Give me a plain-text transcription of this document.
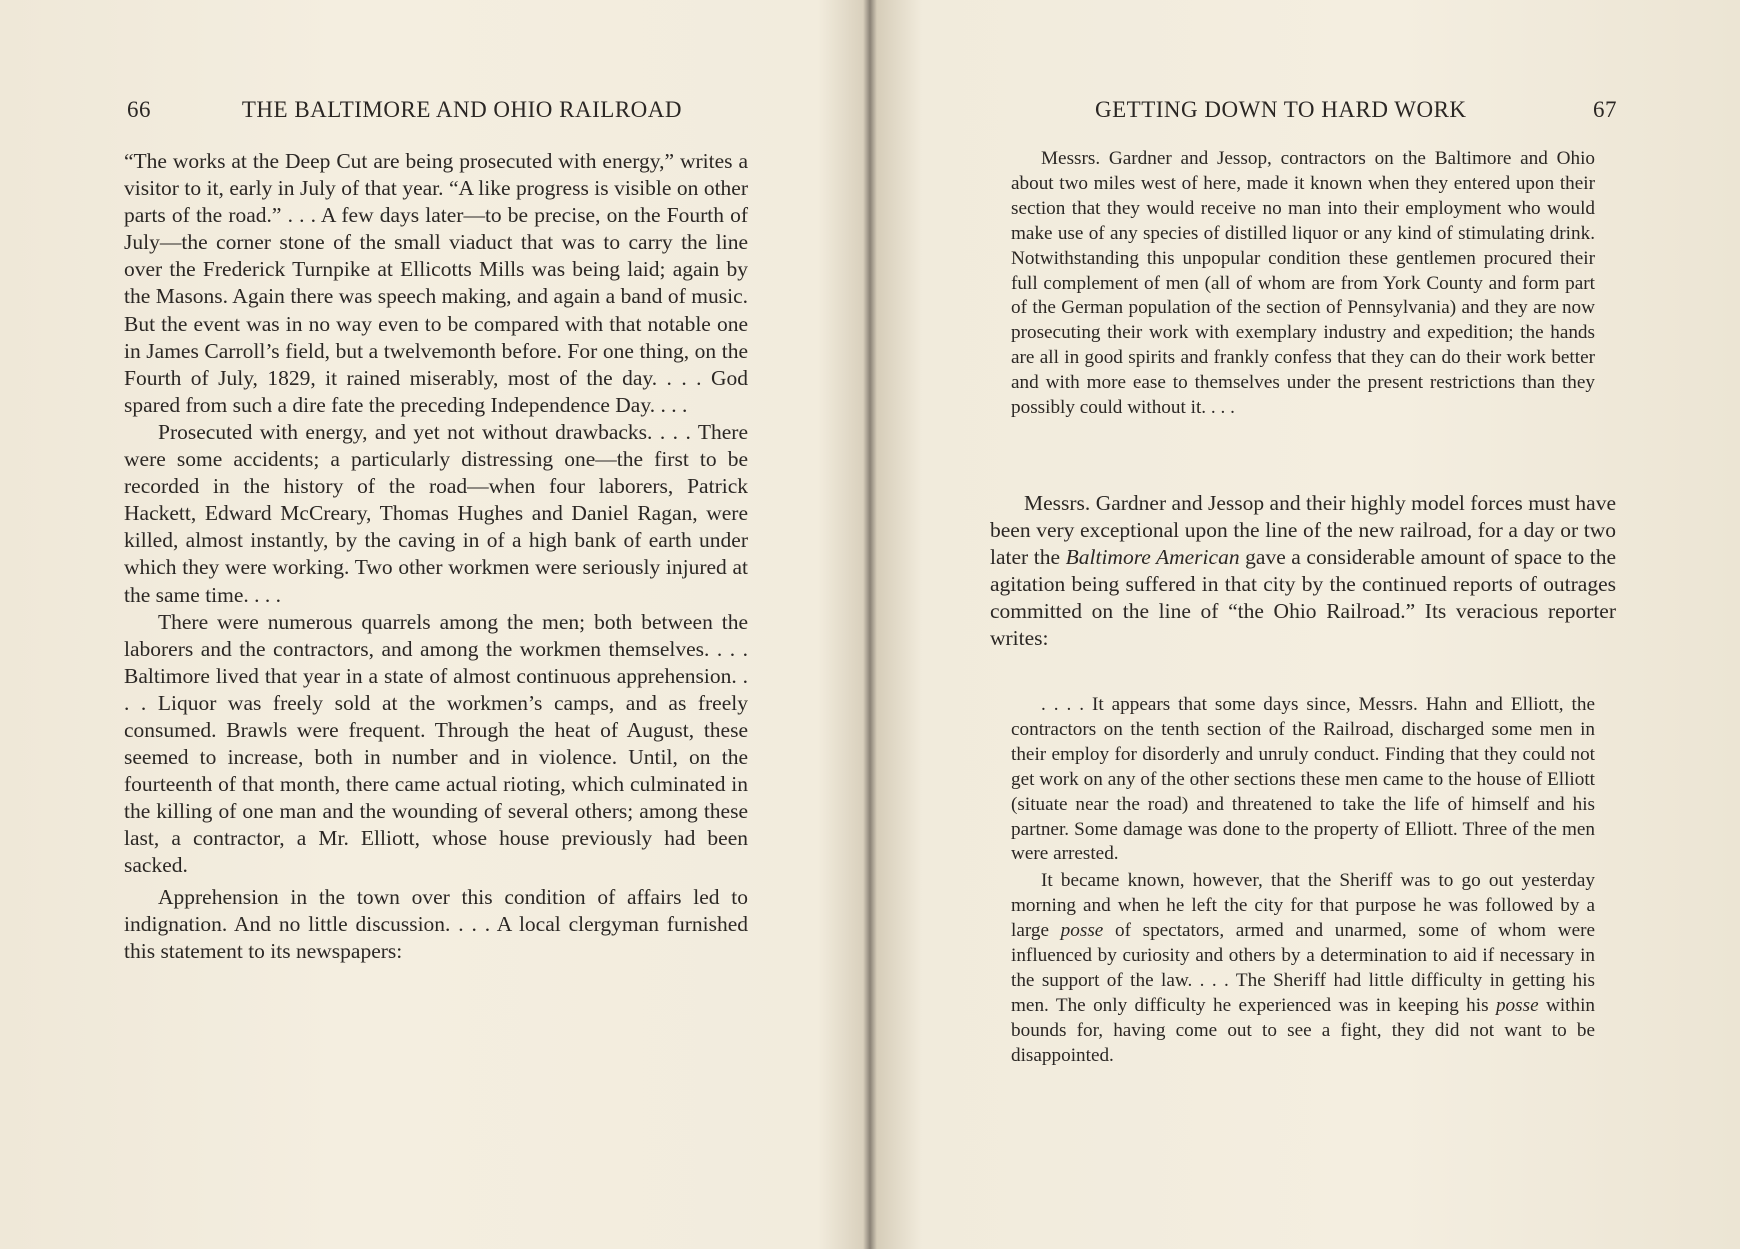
66	THE BALTIMORE AND OHIO RAILROAD

“The works at the Deep Cut are being prosecuted with energy,” writes a visitor to it, early in July of that year. “A like progress is visible on other parts of the road.” . . . A few days later—to be precise, on the Fourth of July—the corner stone of the small viaduct that was to carry the line over the Frederick Turnpike at Ellicotts Mills was being laid; again by the Masons. Again there was speech making, and again a band of music. But the event was in no way even to be compared with that notable one in James Carroll’s field, but a twelvemonth before. For one thing, on the Fourth of July, 1829, it rained miserably, most of the day. . . . God spared from such a dire fate the preceding Independence Day. . . .

Prosecuted with energy, and yet not without drawbacks. . . . There were some accidents; a particularly distressing one—the first to be recorded in the history of the road—when four laborers, Patrick Hackett, Edward McCreary, Thomas Hughes and Daniel Ragan, were killed, almost instantly, by the caving in of a high bank of earth under which they were working. Two other workmen were seriously injured at the same time. . . .

There were numerous quarrels among the men; both between the laborers and the contractors, and among the workmen themselves. . . . Baltimore lived that year in a state of almost continuous apprehension. . . . Liquor was freely sold at the workmen’s camps, and as freely consumed. Brawls were frequent. Through the heat of August, these seemed to increase, both in number and in violence. Until, on the fourteenth of that month, there came actual rioting, which culminated in the killing of one man and the wounding of several others; among these last, a contractor, a Mr. Elliott, whose house previously had been sacked.

Apprehension in the town over this condition of affairs led to indignation. And no little discussion. . . . A local clergyman furnished this statement to its newspapers:

GETTING DOWN TO HARD WORK	67

Messrs. Gardner and Jessop, contractors on the Baltimore and Ohio about two miles west of here, made it known when they entered upon their section that they would receive no man into their employment who would make use of any species of distilled liquor or any kind of stimulating drink. Notwithstanding this unpopular condition these gentlemen procured their full complement of men (all of whom are from York County and form part of the German population of the section of Pennsylvania) and they are now prosecuting their work with exemplary industry and expedition; the hands are all in good spirits and frankly confess that they can do their work better and with more ease to themselves under the present restrictions than they possibly could without it. . . .

Messrs. Gardner and Jessop and their highly model forces must have been very exceptional upon the line of the new railroad, for a day or two later the Baltimore American gave a considerable amount of space to the agitation being suffered in that city by the continued reports of outrages committed on the line of “the Ohio Railroad.” Its veracious reporter writes:

. . . . It appears that some days since, Messrs. Hahn and Elliott, the contractors on the tenth section of the Railroad, discharged some men in their employ for disorderly and unruly conduct. Finding that they could not get work on any of the other sections these men came to the house of Elliott (situate near the road) and threatened to take the life of himself and his partner. Some damage was done to the property of Elliott. Three of the men were arrested.

It became known, however, that the Sheriff was to go out yesterday morning and when he left the city for that purpose he was followed by a large posse of spectators, armed and unarmed, some of whom were influenced by curiosity and others by a determination to aid if necessary in the support of the law. . . . The Sheriff had little difficulty in getting his men. The only difficulty he experienced was in keeping his posse within bounds for, having come out to see a fight, they did not want to be disappointed.
